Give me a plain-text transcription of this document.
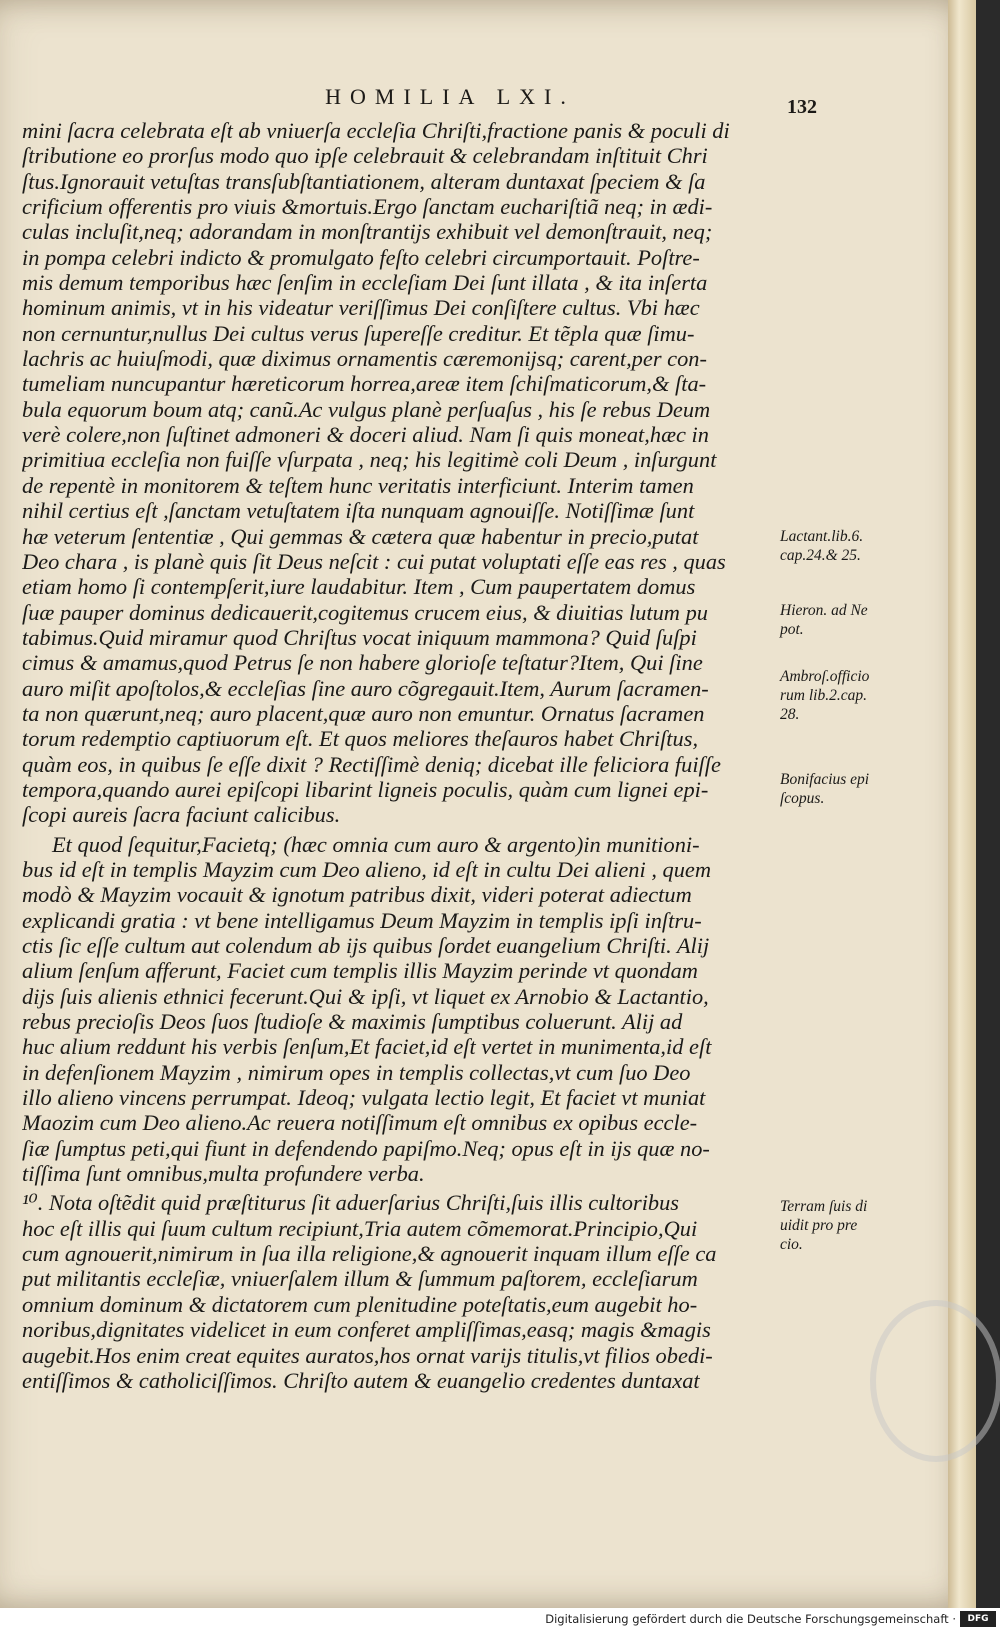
HOMILIA LXI.	132
mini ſacra celebrata eſt ab vniuerſa eccleſia Chriſti,fractione panis & poculi di
ſtributione eo prorſus modo quo ipſe celebrauit & celebrandam inſtituit Chri
ſtus.Ignorauit vetuſtas transſubſtantiationem, alteram duntaxat ſpeciem & ſa
crificium offerentis pro viuis &mortuis.Ergo ſanctam euchariſtiã neq; in ædi-
culas incluſit,neq; adorandam in monſtrantijs exhibuit vel demonſtrauit, neq;
in pompa celebri indicto & promulgato feſto celebri circumportauit. Poſtre-
mis demum temporibus hæc ſenſim in eccleſiam Dei ſunt illata , & ita inſerta
hominum animis, vt in his videatur veriſſimus Dei conſiſtere cultus. Vbi hæc
non cernuntur,nullus Dei cultus verus ſupereſſe creditur. Et tẽpla quæ ſimu-
lachris ac huiuſmodi, quæ diximus ornamentis cæremonijsq; carent,per con-
tumeliam nuncupantur hæreticorum horrea,areæ item ſchiſmaticorum,& ſta-
bula equorum boum atq; canũ.Ac vulgus planè perſuaſus , his ſe rebus Deum
verè colere,non ſuſtinet admoneri & doceri aliud. Nam ſi quis moneat,hæc in
primitiua eccleſia non fuiſſe vſurpata , neq; his legitimè coli Deum , inſurgunt
de repentè in monitorem & teſtem hunc veritatis interficiunt. Interim tamen
nihil certius eſt ,ſanctam vetuſtatem iſta nunquam agnouiſſe. Notiſſimæ ſunt
hæ veterum ſententiæ , Qui gemmas & cætera quæ habentur in precio,putat
Deo chara , is planè quis ſit Deus neſcit : cui putat voluptati eſſe eas res , quas
etiam homo ſi contempſerit,iure laudabitur. Item , Cum paupertatem domus
ſuæ pauper dominus dedicauerit,cogitemus crucem eius, & diuitias lutum pu
tabimus.Quid miramur quod Chriſtus vocat iniquum mammona? Quid ſuſpi
cimus & amamus,quod Petrus ſe non habere glorioſe teſtatur?Item, Qui ſine
auro miſit apoſtolos,& eccleſias ſine auro cõgregauit.Item, Aurum ſacramen-
ta non quærunt,neq; auro placent,quæ auro non emuntur. Ornatus ſacramen
torum redemptio captiuorum eſt. Et quos meliores theſauros habet Chriſtus,
quàm eos, in quibus ſe eſſe dixit ? Rectiſſimè deniq; dicebat ille feliciora fuiſſe
tempora,quando aurei epiſcopi libarint ligneis poculis, quàm cum lignei epi-
ſcopi aureis ſacra faciunt calicibus.
Et quod ſequitur,Facietq; (hæc omnia cum auro & argento)in munitioni-
bus id eſt in templis Mayzim cum Deo alieno, id eſt in cultu Dei alieni , quem
modò & Mayzim vocauit & ignotum patribus dixit, videri poterat adiectum
explicandi gratia : vt bene intelligamus Deum Mayzim in templis ipſi inſtru-
ctis ſic eſſe cultum aut colendum ab ijs quibus ſordet euangelium Chriſti. Alij
alium ſenſum afferunt, Faciet cum templis illis Mayzim perinde vt quondam
dijs ſuis alienis ethnici fecerunt.Qui & ipſi, vt liquet ex Arnobio & Lactantio,
rebus precioſis Deos ſuos ſtudioſe & maximis ſumptibus coluerunt. Alij ad
huc alium reddunt his verbis ſenſum,Et faciet,id eſt vertet in munimenta,id eſt
in defenſionem Mayzim , nimirum opes in templis collectas,vt cum ſuo Deo
illo alieno vincens perrumpat. Ideoq; vulgata lectio legit, Et faciet vt muniat
Maozim cum Deo alieno.Ac reuera notiſſimum eſt omnibus ex opibus eccle-
ſiæ ſumptus peti,qui fiunt in defendendo papiſmo.Neq; opus eſt in ijs quæ no-
tiſſima ſunt omnibus,multa profundere verba.
¹⁰. Nota oſtẽdit quid præſtiturus ſit aduerſarius Chriſti,ſuis illis cultoribus
hoc eſt illis qui ſuum cultum recipiunt,Tria autem cõmemorat.Principio,Qui
cum agnouerit,nimirum in ſua illa religione,& agnouerit inquam illum eſſe ca
put militantis eccleſiæ, vniuerſalem illum & ſummum paſtorem, eccleſiarum
omnium dominum & dictatorem cum plenitudine poteſtatis,eum augebit ho-
noribus,dignitates videlicet in eum conferet ampliſſimas,easq; magis &magis
augebit.Hos enim creat equites auratos,hos ornat varijs titulis,vt filios obedi-
entiſſimos & catholiciſſimos. Chriſto autem & euangelio credentes duntaxat
Lactant.lib.6. cap.24.& 25.
Hieron. ad Ne pot.
Ambroſ.officio rum lib.2.cap. 28.
Bonifacius epi ſcopus.
Terram ſuis di uidit pro pre cio.
Digitalisierung gefördert durch die Deutsche Forschungsgemeinschaft ·	DFG
